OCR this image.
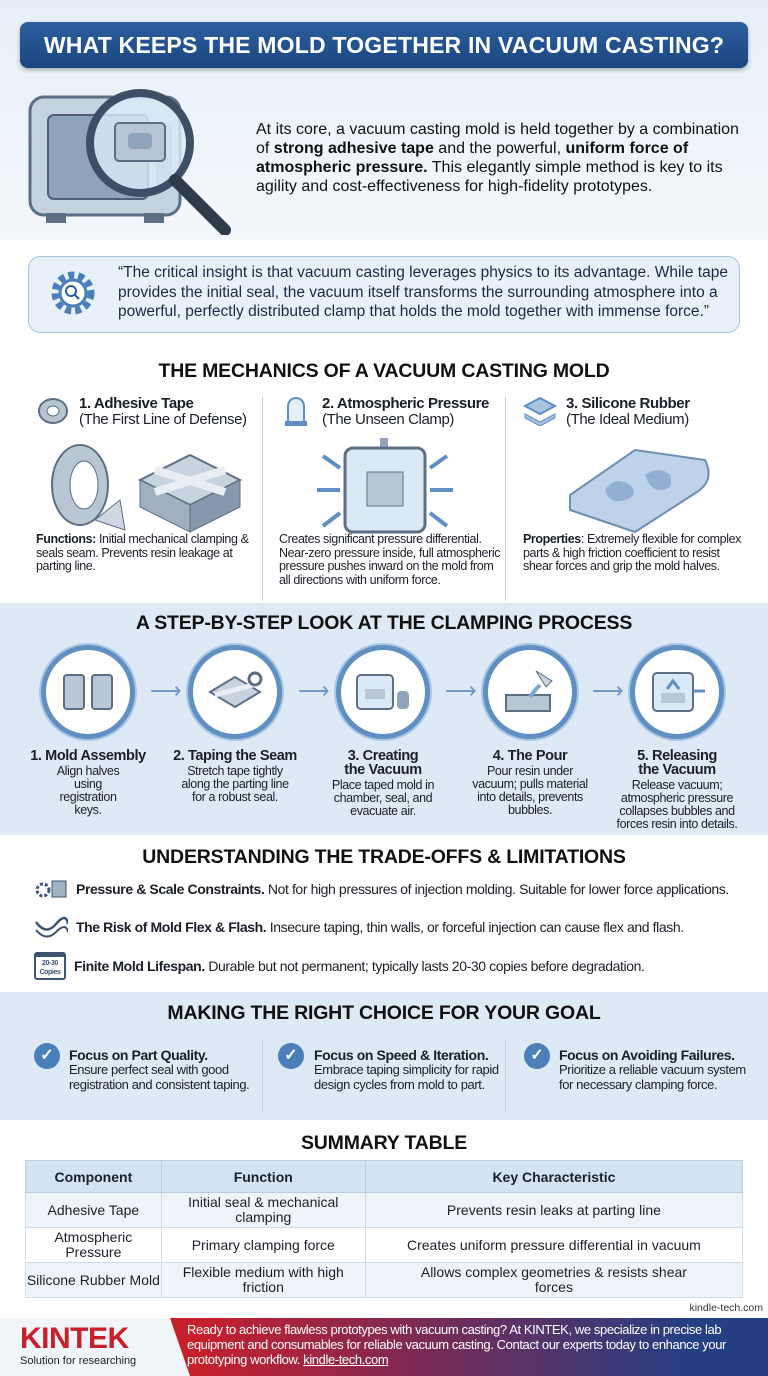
WHAT KEEPS THE MOLD TOGETHER IN VACUUM CASTING?
At its core, a vacuum casting mold is held together by a combination of strong adhesive tape and the powerful, uniform force of atmospheric pressure. This elegantly simple method is key to its agility and cost-effectiveness for high-fidelity prototypes.
“The critical insight is that vacuum casting leverages physics to its advantage. While tape provides the initial seal, the vacuum itself transforms the surrounding atmosphere into a powerful, perfectly distributed clamp that holds the mold together with immense force.”
THE MECHANICS OF A VACUUM CASTING MOLD
1. Adhesive Tape
(The First Line of Defense)
Functions: Initial mechanical clamping & seals seam. Prevents resin leakage at parting line.
2. Atmospheric Pressure
(The Unseen Clamp)
Creates significant pressure differential. Near-zero pressure inside, full atmospheric pressure pushes inward on the mold from all directions with uniform force.
3. Silicone Rubber
(The Ideal Medium)
Properties: Extremely flexible for complex parts & high friction coefficient to resist shear forces and grip the mold halves.
A STEP-BY-STEP LOOK AT THE CLAMPING PROCESS
⟶	⟶	⟶	⟶
1. Mold Assembly
Align halves using registration keys.
2. Taping the Seam
Stretch tape tightly along the parting line for a robust seal.
3. Creating the Vacuum
Place taped mold in chamber, seal, and evacuate air.
4. The Pour
Pour resin under vacuum; pulls material into details, prevents bubbles.
5. Releasing the Vacuum
Release vacuum; atmospheric pressure collapses bubbles and forces resin into details.
UNDERSTANDING THE TRADE-OFFS & LIMITATIONS
Pressure & Scale Constraints. Not for high pressures of injection molding. Suitable for lower force applications.
The Risk of Mold Flex & Flash. Insecure taping, thin walls, or forceful injection can cause flex and flash.
20-30 Copies Finite Mold Lifespan. Durable but not permanent; typically lasts 20-30 copies before degradation.
MAKING THE RIGHT CHOICE FOR YOUR GOAL
✓	Focus on Part Quality.
Ensure perfect seal with good registration and consistent taping.
✓	Focus on Speed & Iteration.
Embrace taping simplicity for rapid design cycles from mold to part.
✓	Focus on Avoiding Failures.
Prioritize a reliable vacuum system for necessary clamping force.
SUMMARY TABLE
Component	Function	Key Characteristic
Adhesive Tape	Initial seal & mechanical clamping	Prevents resin leaks at parting line
Atmospheric Pressure	Primary clamping force	Creates uniform pressure differential in vacuum
Silicone Rubber Mold	Flexible medium with high friction	Allows complex geometries & resists shear forces
kindle-tech.com
KINTEK
Solution for researching
Ready to achieve flawless prototypes with vacuum casting? At KINTEK, we specialize in precise lab equipment and consumables for reliable vacuum casting. Contact our experts today to enhance your prototyping workflow. kindle-tech.com
